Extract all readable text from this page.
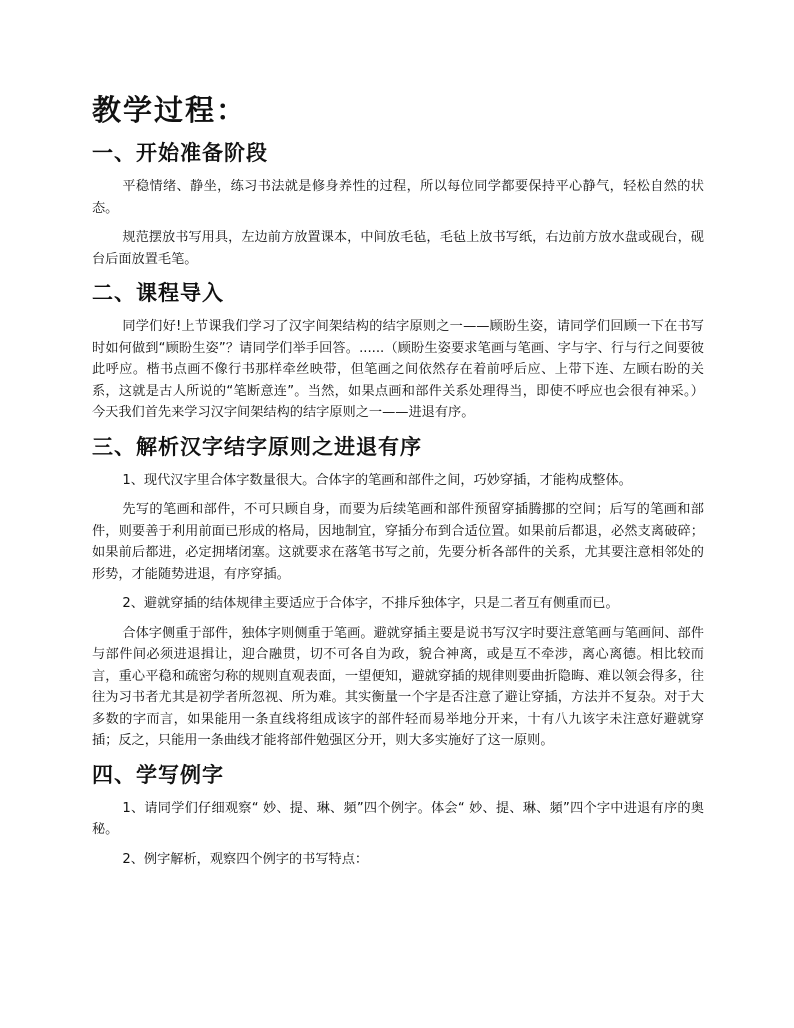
教学过程：
一、开始准备阶段

平稳情绪、静坐，练习书法就是修身养性的过程，所以每位同学都要保持平心静气，轻松自然的状态。

规范摆放书写用具，左边前方放置课本，中间放毛毡，毛毡上放书写纸，右边前方放水盘或砚台，砚台后面放置毛笔。

二、课程导入

同学们好!上节课我们学习了汉字间架结构的结字原则之一——顾盼生姿，请同学们回顾一下在书写时如何做到“顾盼生姿”？请同学们举手回答。......（顾盼生姿要求笔画与笔画、字与字、行与行之间要彼此呼应。楷书点画不像行书那样牵丝映带，但笔画之间依然存在着前呼后应、上带下连、左顾右盼的关系，这就是古人所说的“笔断意连”。当然，如果点画和部件关系处理得当，即使不呼应也会很有神采。）今天我们首先来学习汉字间架结构的结字原则之一——进退有序。

三、解析汉字结字原则之进退有序

1、现代汉字里合体字数量很大。合体字的笔画和部件之间，巧妙穿插，才能构成整体。

先写的笔画和部件，不可只顾自身，而要为后续笔画和部件预留穿插腾挪的空间；后写的笔画和部件，则要善于利用前面已形成的格局，因地制宜，穿插分布到合适位置。如果前后都退，必然支离破碎；如果前后都进，必定拥堵闭塞。这就要求在落笔书写之前，先要分析各部件的关系，尤其要注意相邻处的形势，才能随势进退，有序穿插。

2、避就穿插的结体规律主要适应于合体字，不排斥独体字，只是二者互有侧重而已。

合体字侧重于部件，独体字则侧重于笔画。避就穿插主要是说书写汉字时要注意笔画与笔画间、部件与部件间必须进退揖让，迎合融贯，切不可各自为政，貌合神离，或是互不牵涉，离心离德。相比较而言，重心平稳和疏密匀称的规则直观表面，一望便知，避就穿插的规律则要曲折隐晦、难以领会得多，往往为习书者尤其是初学者所忽视、所为难。其实衡量一个字是否注意了避让穿插，方法并不复杂。对于大多数的字而言，如果能用一条直线将组成该字的部件轻而易举地分开来，十有八九该字未注意好避就穿插；反之，只能用一条曲线才能将部件勉强区分开，则大多实施好了这一原则。

四、学写例字

1、请同学们仔细观察“ 妙、提、琳、頻”四个例字。体会“ 妙、提、琳、頻”四个字中进退有序的奥秘。

2、例字解析，观察四个例字的书写特点：
